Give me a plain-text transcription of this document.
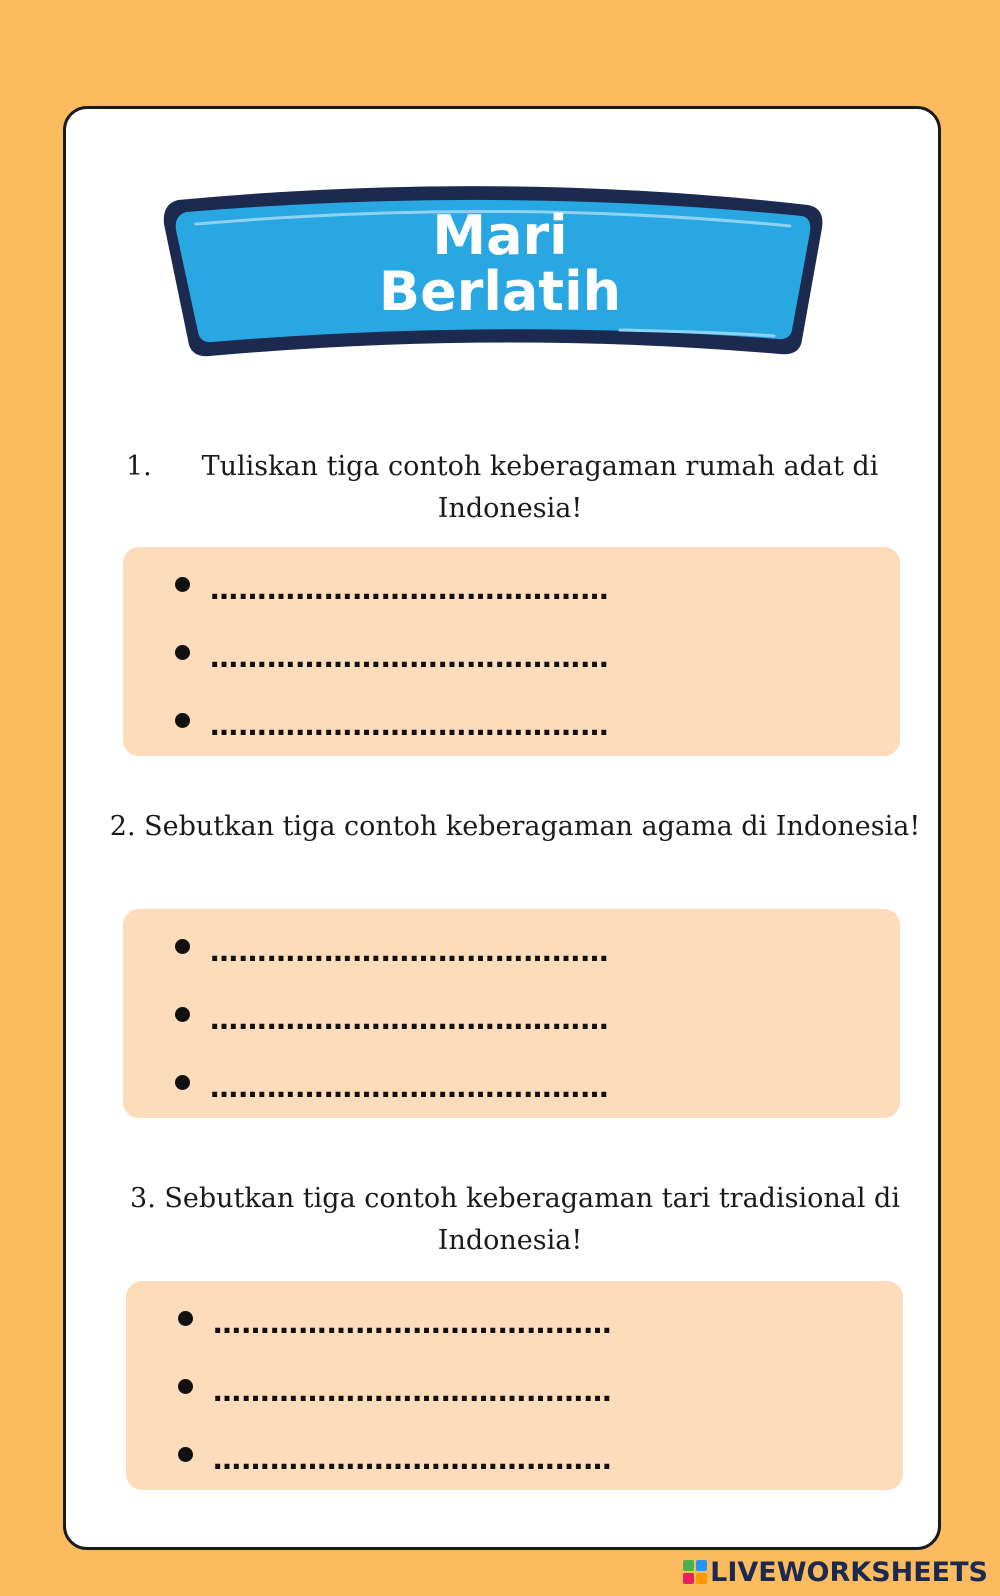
Mari
Berlatih
1.	Tuliskan tiga contoh keberagaman rumah adat di
Indonesia!
……………………………………
……………………………………
……………………………………
2. Sebutkan tiga contoh keberagaman agama di Indonesia!
……………………………………
……………………………………
……………………………………
3. Sebutkan tiga contoh keberagaman tari tradisional di
Indonesia!
……………………………………
……………………………………
……………………………………
LIVEWORKSHEETS
